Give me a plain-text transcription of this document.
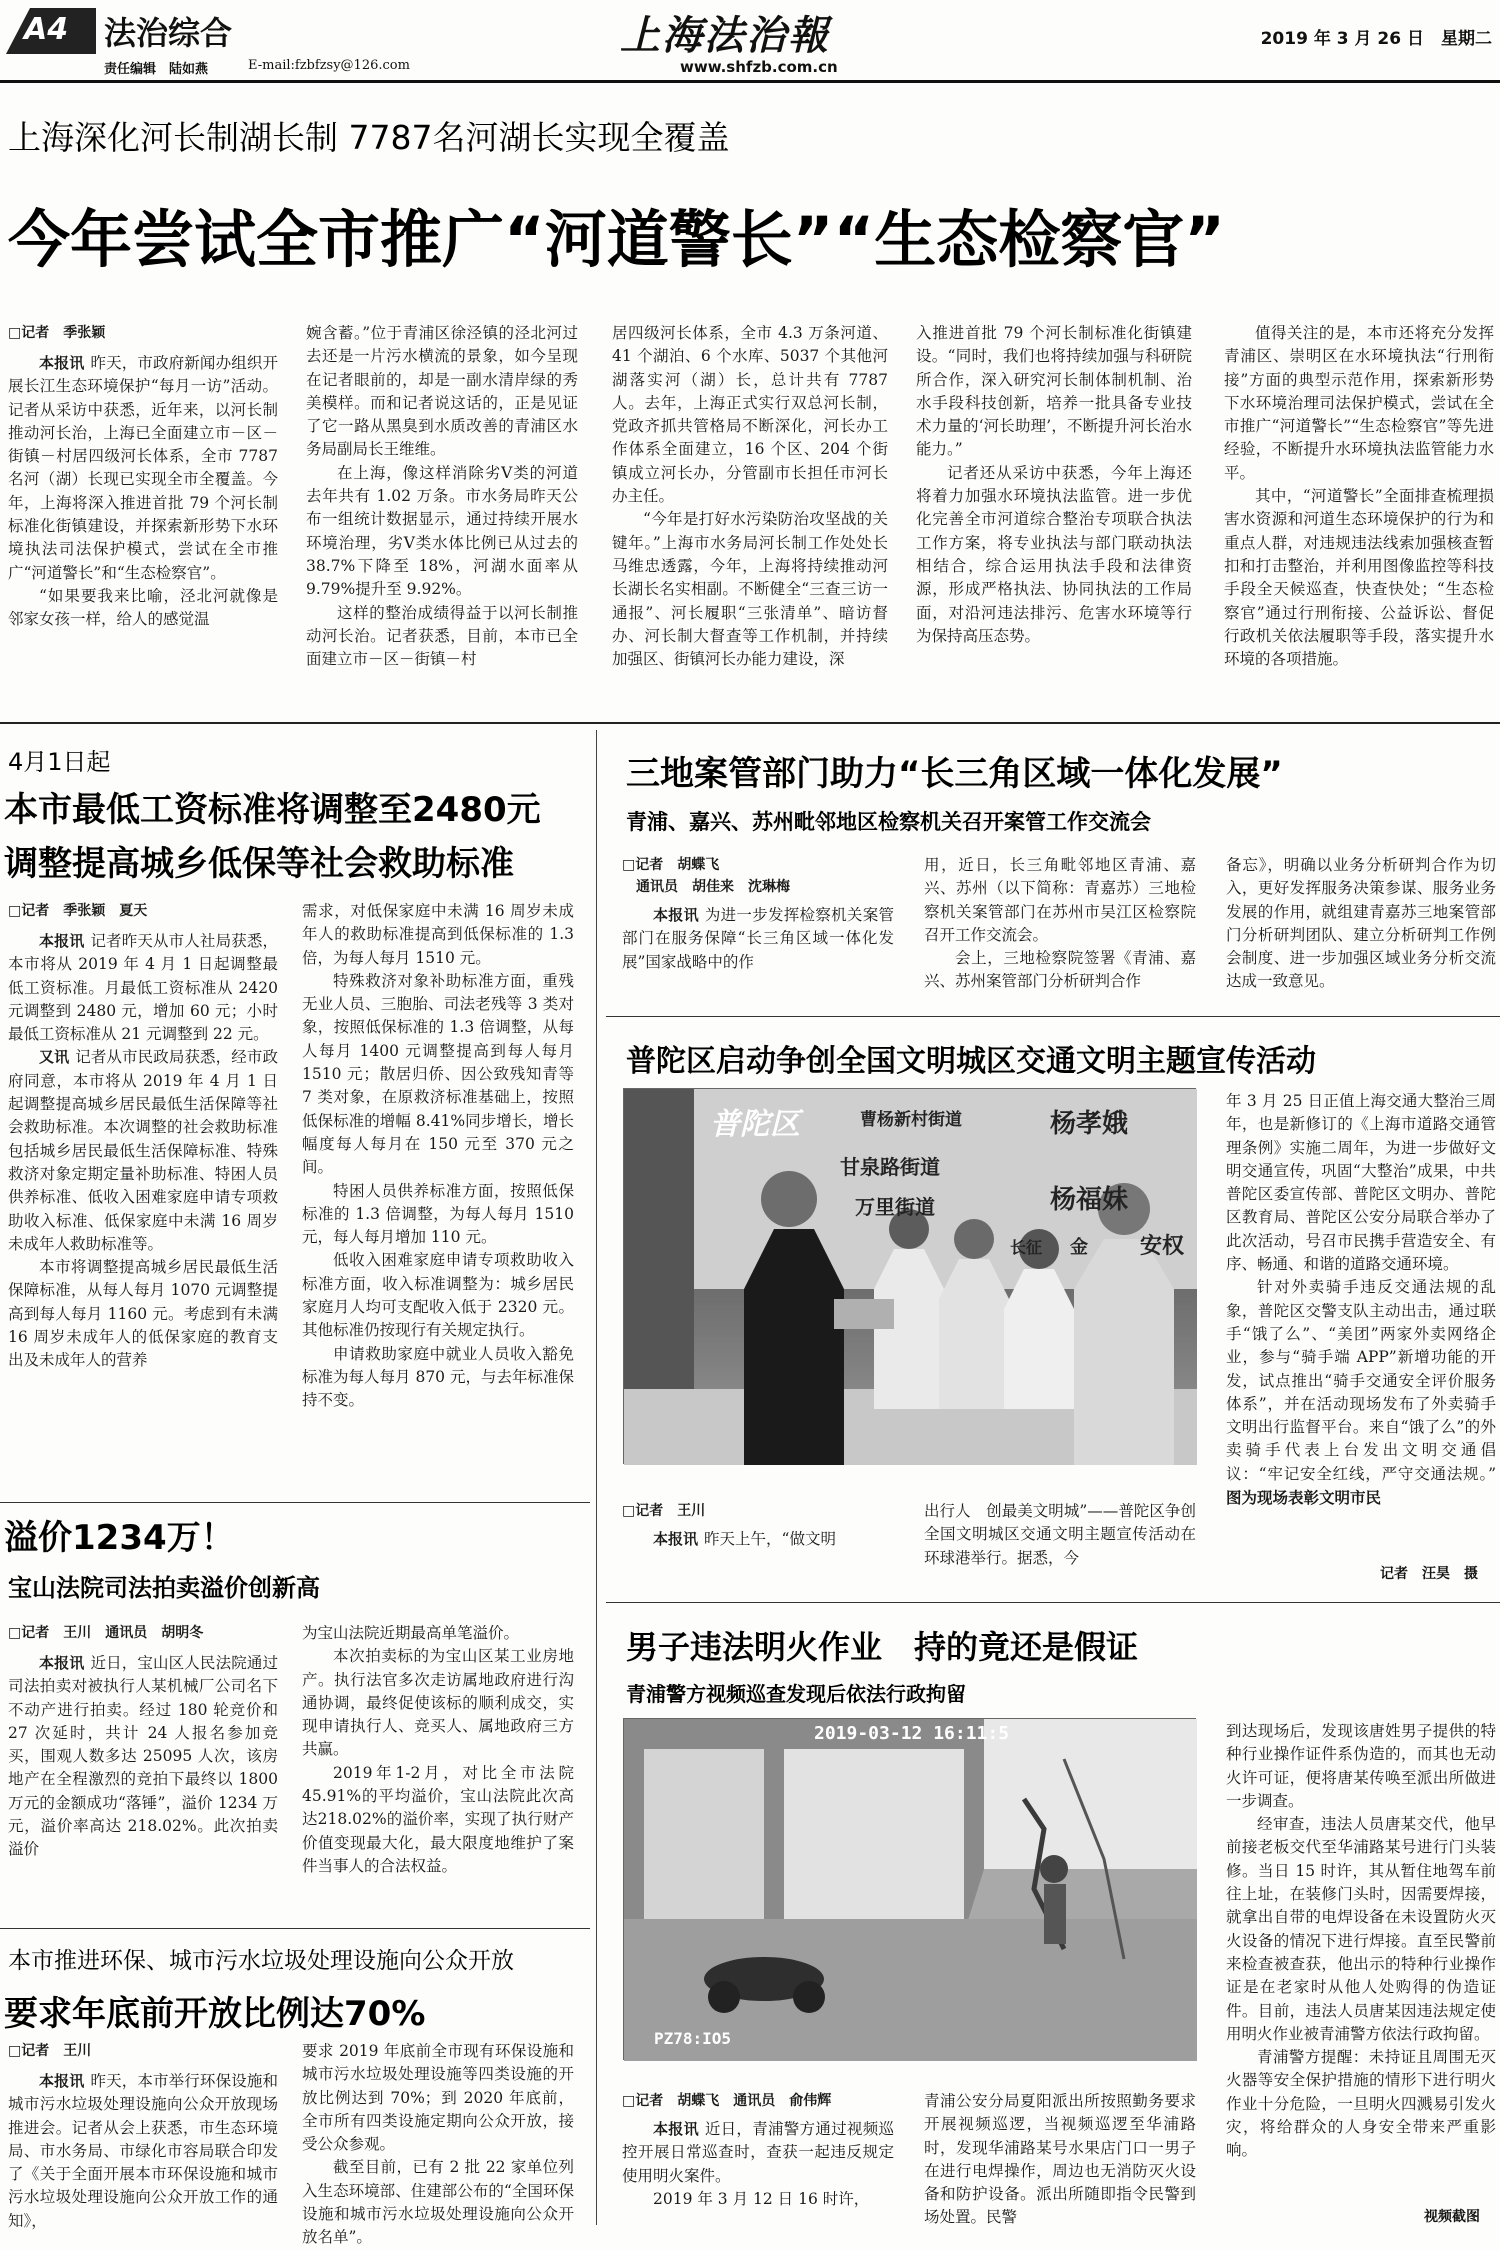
A4 法治综合
责任编辑　陆如燕	E-mail:fzbfzsy@126.com
上海法治報
www.shfzb.com.cn
2019 年 3 月 26 日　星期二
上海深化河长制湖长制 7787名河湖长实现全覆盖
今年尝试全市推广“河道警长”“生态检察官”
□记者　季张颖

本报讯 昨天，市政府新闻办组织开展长江生态环境保护“每月一访”活动。记者从采访中获悉，近年来，以河长制推动河长治，上海已全面建立市－区－街镇－村居四级河长体系，全市 7787 名河（湖）长现已实现全市全覆盖。今年，上海将深入推进首批 79 个河长制标准化街镇建设，并探索新形势下水环境执法司法保护模式，尝试在全市推广“河道警长”和“生态检察官”。

“如果要我来比喻，泾北河就像是邻家女孩一样，给人的感觉温

婉含蓄。”位于青浦区徐泾镇的泾北河过去还是一片污水横流的景象，如今呈现在记者眼前的，却是一副水清岸绿的秀美模样。而和记者说这话的，正是见证了它一路从黑臭到水质改善的青浦区水务局副局长王维维。

在上海，像这样消除劣Ⅴ类的河道去年共有 1.02 万条。市水务局昨天公布一组统计数据显示，通过持续开展水环境治理，劣Ⅴ类水体比例已从过去的 38.7%下降至 18%，河湖水面率从 9.79%提升至 9.92%。

这样的整治成绩得益于以河长制推动河长治。记者获悉，目前，本市已全面建立市－区－街镇－村

居四级河长体系，全市 4.3 万条河道、41 个湖泊、6 个水库、5037 个其他河湖落实河（湖）长，总计共有 7787 人。去年，上海正式实行双总河长制，党政齐抓共管格局不断深化，河长办工作体系全面建立，16 个区、204 个街镇成立河长办，分管副市长担任市河长办主任。

“今年是打好水污染防治攻坚战的关键年。”上海市水务局河长制工作处处长马维忠透露，今年，上海将持续推动河长湖长名实相副。不断健全“三查三访一通报”、河长履职“三张清单”、暗访督办、河长制大督查等工作机制，并持续加强区、街镇河长办能力建设，深

入推进首批 79 个河长制标准化街镇建设。“同时，我们也将持续加强与科研院所合作，深入研究河长制体制机制、治水手段科技创新，培养一批具备专业技术力量的‘河长助理’，不断提升河长治水能力。”

记者还从采访中获悉，今年上海还将着力加强水环境执法监管。进一步优化完善全市河道综合整治专项联合执法工作方案，将专业执法与部门联动执法相结合，综合运用执法手段和法律资源，形成严格执法、协同执法的工作局面，对沿河违法排污、危害水环境等行为保持高压态势。

值得关注的是，本市还将充分发挥青浦区、崇明区在水环境执法“行刑衔接”方面的典型示范作用，探索新形势下水环境治理司法保护模式，尝试在全市推广“河道警长”“生态检察官”等先进经验，不断提升水环境执法监管能力水平。

其中，“河道警长”全面排查梳理损害水资源和河道生态环境保护的行为和重点人群，对违规违法线索加强核查暂扣和打击整治，并利用图像监控等科技手段全天候巡查，快查快处；“生态检察官”通过行刑衔接、公益诉讼、督促行政机关依法履职等手段，落实提升水环境的各项措施。

4月1日起
本市最低工资标准将调整至2480元
调整提高城乡低保等社会救助标准
□记者　季张颖　夏天

本报讯 记者昨天从市人社局获悉，本市将从 2019 年 4 月 1 日起调整最低工资标准。月最低工资标准从 2420 元调整到 2480 元，增加 60 元；小时最低工资标准从 21 元调整到 22 元。

又讯 记者从市民政局获悉，经市政府同意，本市将从 2019 年 4 月 1 日起调整提高城乡居民最低生活保障等社会救助标准。本次调整的社会救助标准包括城乡居民最低生活保障标准、特殊救济对象定期定量补助标准、特困人员供养标准、低收入困难家庭申请专项救助收入标准、低保家庭中未满 16 周岁未成年人救助标准等。

本市将调整提高城乡居民最低生活保障标准，从每人每月 1070 元调整提高到每人每月 1160 元。考虑到有未满 16 周岁未成年人的低保家庭的教育支出及未成年人的营养

需求，对低保家庭中未满 16 周岁未成年人的救助标准提高到低保标准的 1.3 倍，为每人每月 1510 元。

特殊救济对象补助标准方面，重残无业人员、三胞胎、司法老残等 3 类对象，按照低保标准的 1.3 倍调整，从每人每月 1400 元调整提高到每人每月 1510 元；散居归侨、因公致残知青等 7 类对象，在原救济标准基础上，按照低保标准的增幅 8.41%同步增长，增长幅度每人每月在 150 元至 370 元之间。

特困人员供养标准方面，按照低保标准的 1.3 倍调整，为每人每月 1510 元，每人每月增加 110 元。

低收入困难家庭申请专项救助收入标准方面，收入标准调整为：城乡居民家庭月人均可支配收入低于 2320 元。其他标准仍按现行有关规定执行。

申请救助家庭中就业人员收入豁免标准为每人每月 870 元，与去年标准保持不变。

溢价1234万！
宝山法院司法拍卖溢价创新高
□记者　王川　通讯员　胡明冬

本报讯 近日，宝山区人民法院通过司法拍卖对被执行人某机械厂公司名下不动产进行拍卖。经过 180 轮竞价和 27 次延时，共计 24 人报名参加竞买，围观人数多达 25095 人次，该房地产在全程激烈的竞拍下最终以 1800 万元的金额成功“落锤”，溢价 1234 万元，溢价率高达 218.02%。此次拍卖溢价

为宝山法院近期最高单笔溢价。

本次拍卖标的为宝山区某工业房地产。执行法官多次走访属地政府进行沟通协调，最终促使该标的顺利成交，实现申请执行人、竞买人、属地政府三方共赢。

2019年1-2月，对比全市法院 45.91%的平均溢价，宝山法院此次高达218.02%的溢价率，实现了执行财产价值变现最大化，最大限度地维护了案件当事人的合法权益。

本市推进环保、城市污水垃圾处理设施向公众开放
要求年底前开放比例达70%
□记者　王川

本报讯 昨天，本市举行环保设施和城市污水垃圾处理设施向公众开放现场推进会。记者从会上获悉，市生态环境局、市水务局、市绿化市容局联合印发了《关于全面开展本市环保设施和城市污水垃圾处理设施向公众开放工作的通知》，

要求 2019 年底前全市现有环保设施和城市污水垃圾处理设施等四类设施的开放比例达到 70%；到 2020 年底前，全市所有四类设施定期向公众开放，接受公众参观。

截至目前，已有 2 批 22 家单位列入生态环境部、住建部公布的“全国环保设施和城市污水垃圾处理设施向公众开放名单”。

三地案管部门助力“长三角区域一体化发展”
青浦、嘉兴、苏州毗邻地区检察机关召开案管工作交流会
□记者　胡蝶飞
　通讯员　胡佳来　沈琳梅

本报讯 为进一步发挥检察机关案管部门在服务保障“长三角区域一体化发展”国家战略中的作

用，近日，长三角毗邻地区青浦、嘉兴、苏州（以下简称：青嘉苏）三地检察机关案管部门在苏州市吴江区检察院召开工作交流会。

会上，三地检察院签署《青浦、嘉兴、苏州案管部门分析研判合作

备忘》，明确以业务分析研判合作为切入，更好发挥服务决策参谋、服务业务发展的作用，就组建青嘉苏三地案管部门分析研判团队、建立分析研判工作例会制度、进一步加强区域业务分析交流达成一致意见。

普陀区启动争创全国文明城区交通文明主题宣传活动
普陀区	曹杨新村街道	杨孝娥
甘泉路街道
万里街道	杨福妹
长征 金 安权
□记者　王川

本报讯 昨天上午，“做文明

出行人　创最美文明城”——普陀区争创全国文明城区交通文明主题宣传活动在环球港举行。据悉，今

年 3 月 25 日正值上海交通大整治三周年，也是新修订的《上海市道路交通管理条例》实施二周年，为进一步做好文明交通宣传，巩固“大整治”成果，中共普陀区委宣传部、普陀区文明办、普陀区教育局、普陀区公安分局联合举办了此次活动，号召市民携手营造安全、有序、畅通、和谐的道路交通环境。

针对外卖骑手违反交通法规的乱象，普陀区交警支队主动出击，通过联手“饿了么”、“美团”两家外卖网络企业，参与“骑手端 APP”新增功能的开发，试点推出“骑手交通安全评价服务体系”，并在活动现场发布了外卖骑手文明出行监督平台。来自“饿了么”的外卖骑手代表上台发出文明交通倡议：“牢记安全红线，严守交通法规。” 图为现场表彰文明市民

记者　汪昊　摄
男子违法明火作业　持的竟还是假证
青浦警方视频巡查发现后依法行政拘留
2019-03-12 16:11:5
PZ78:IO5
□记者　胡蝶飞　通讯员　俞伟辉

本报讯 近日，青浦警方通过视频巡控开展日常巡查时，查获一起违反规定使用明火案件。

2019 年 3 月 12 日 16 时许，

青浦公安分局夏阳派出所按照勤务要求开展视频巡逻，当视频巡逻至华浦路时，发现华浦路某号水果店门口一男子在进行电焊操作，周边也无消防灭火设备和防护设备。派出所随即指令民警到场处置。民警

到达现场后，发现该唐姓男子提供的特种行业操作证件系伪造的，而其也无动火许可证，便将唐某传唤至派出所做进一步调查。

经审查，违法人员唐某交代，他早前接老板交代至华浦路某号进行门头装修。当日 15 时许，其从暂住地驾车前往上址，在装修门头时，因需要焊接，就拿出自带的电焊设备在未设置防火灭火设备的情况下进行焊接。直至民警前来检查被查获，他出示的特种行业操作证是在老家时从他人处购得的伪造证件。目前，违法人员唐某因违法规定使用明火作业被青浦警方依法行政拘留。

青浦警方提醒：未持证且周围无灭火器等安全保护措施的情形下进行明火作业十分危险，一旦明火四溅易引发火灾，将给群众的人身安全带来严重影响。

视频截图
